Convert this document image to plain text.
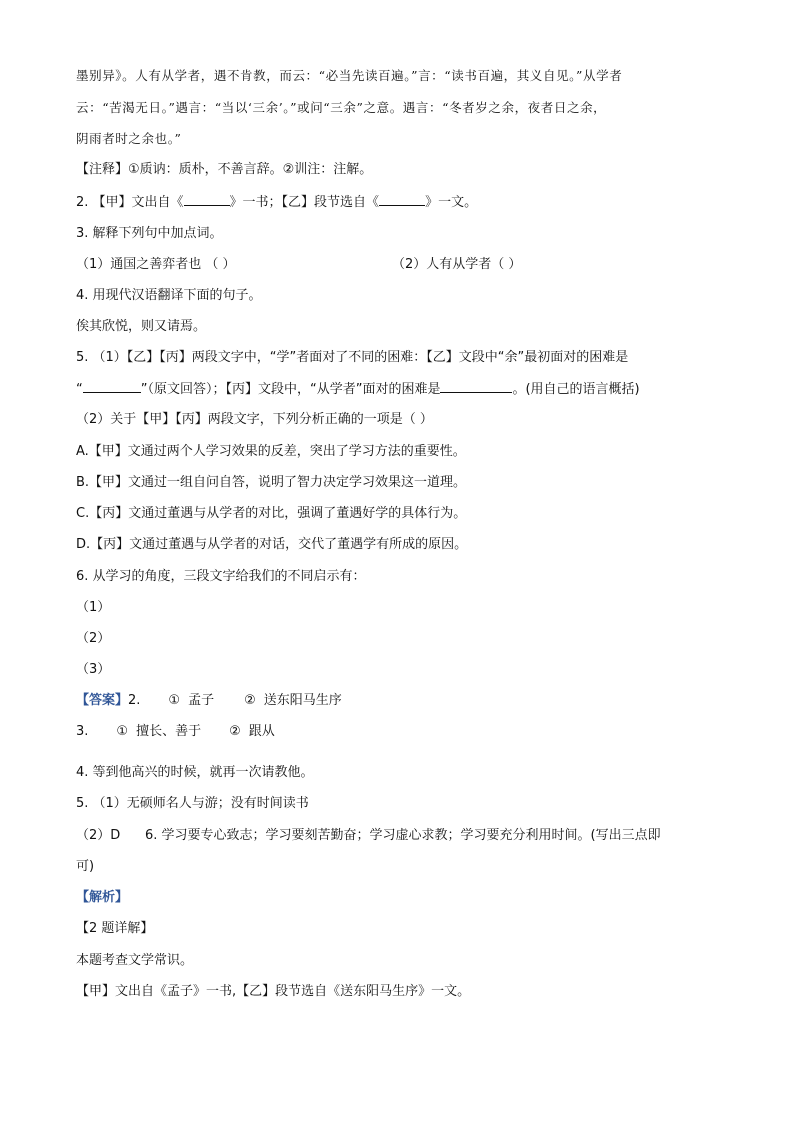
墨别异》。人有从学者，遇不肯教，而云：“必当先读百遍。”言：“读书百遍，其义自见。”从学者
云：“苦渴无日。”遇言：“当以‘三余’。”或问“三余”之意。遇言：“冬者岁之余，夜者日之余，
阴雨者时之余也。”
【注释】①质讷：质朴，不善言辞。②训注：注解。
2. 【甲】文出自《	》一书；【乙】段节选自《	》一文。
3. 解释下列句中加点词。
（1）通国之善弈者也 （ ）	（2）人有从学者（ ）
4. 用现代汉语翻译下面的句子。
俟其欣悦，则又请焉。
5. （1）【乙】【丙】两段文字中，“学”者面对了不同的困难：【乙】文段中“余”最初面对的困难是
“	”（原文回答）；【丙】文段中，“从学者”面对的困难是	。(用自己的语言概括)
（2）关于【甲】【丙】两段文字，下列分析正确的一项是（ ）
A.【甲】文通过两个人学习效果的反差，突出了学习方法的重要性。
B.【甲】文通过一组自问自答，说明了智力决定学习效果这一道理。
C.【丙】文通过董遇与从学者的对比，强调了董遇好学的具体行为。
D.【丙】文通过董遇与从学者的对话，交代了董遇学有所成的原因。
6. 从学习的角度，三段文字给我们的不同启示有：
（1）
（2）
（3）
【答案】2. ① 孟子 ② 送东阳马生序
3. ① 擅长、善于 ② 跟从
4. 等到他高兴的时候，就再一次请教他。
5. （1）无硕师名人与游；没有时间读书
（2）D 6. 学习要专心致志；学习要刻苦勤奋；学习虚心求教；学习要充分利用时间。(写出三点即
可)
【解析】
【2 题详解】
本题考查文学常识。
【甲】文出自《孟子》一书,【乙】段节选自《送东阳马生序》一文。
